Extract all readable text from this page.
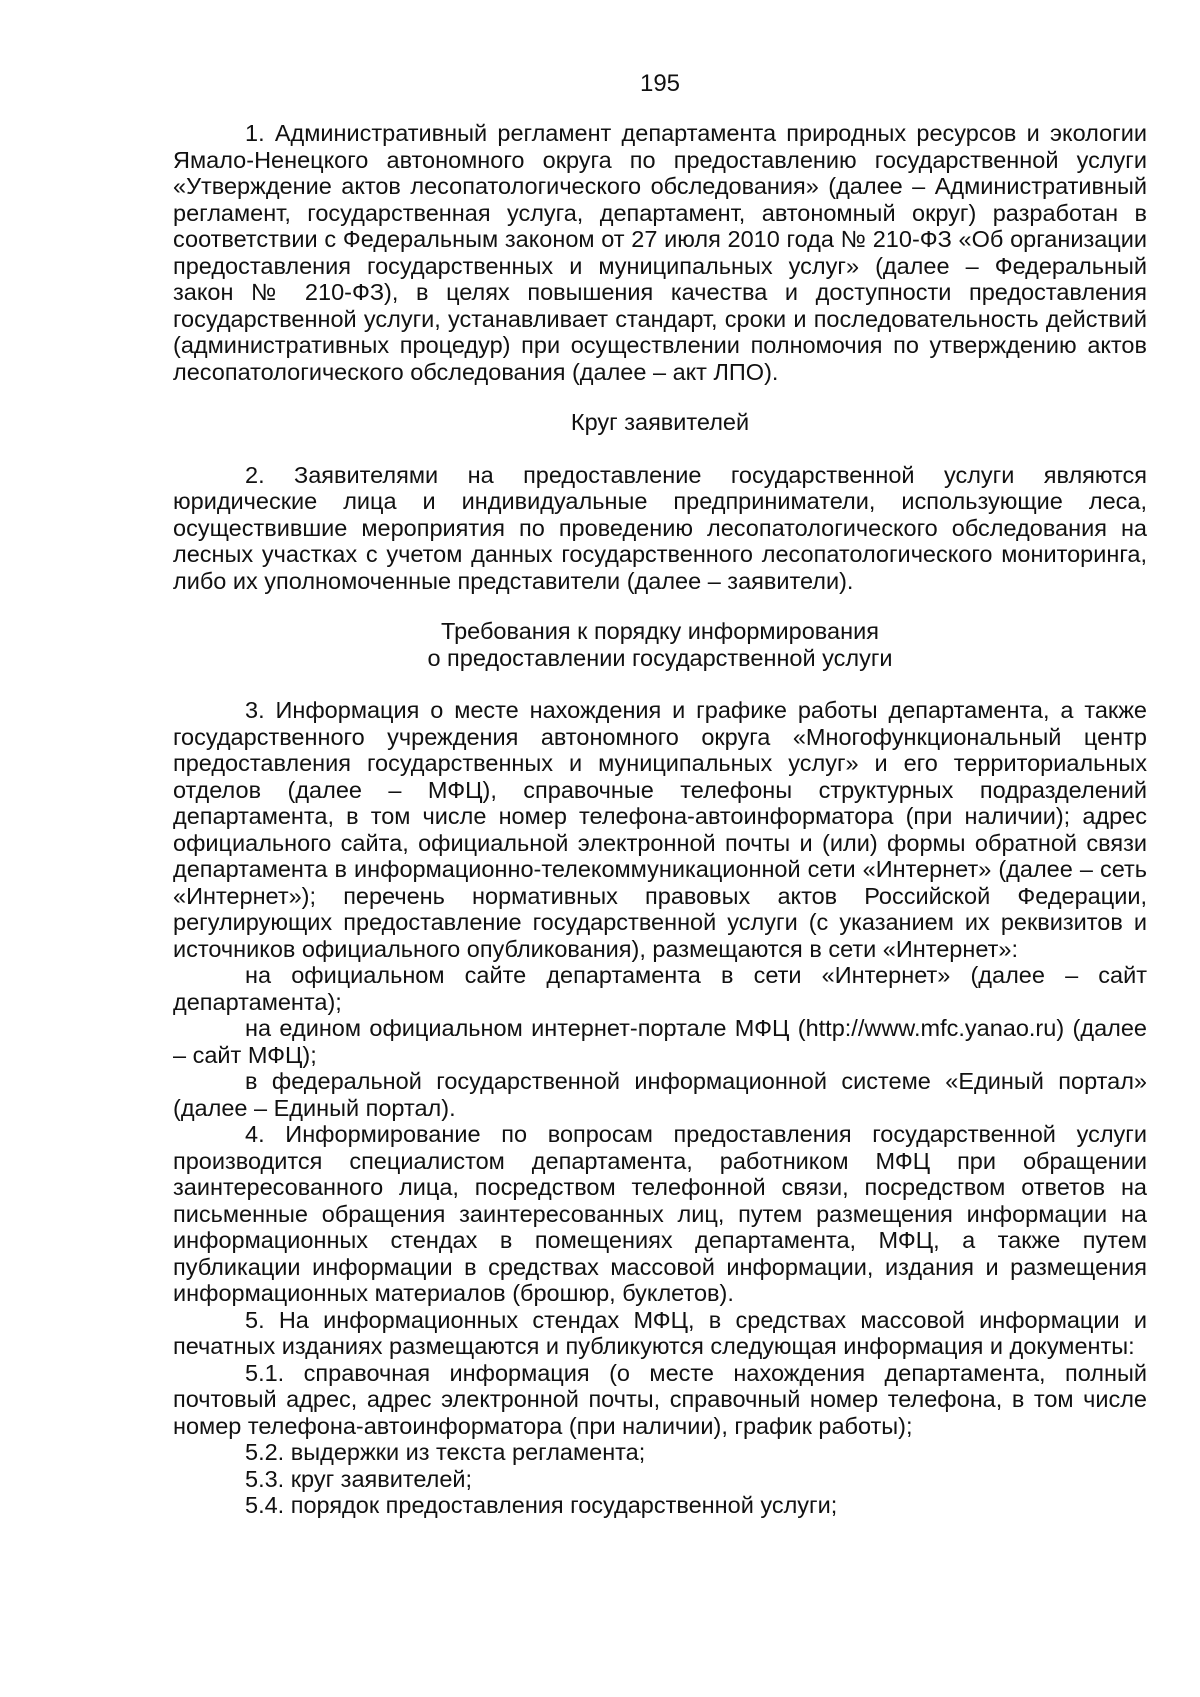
195

1. Административный регламент департамента природных ресурсов и экологии Ямало-Ненецкого автономного округа по предоставлению государственной услуги «Утверждение актов лесопатологического обследования» (далее – Административный регламент, государственная услуга, департамент, автономный округ) разработан в соответствии с Федеральным законом от 27 июля 2010 года № 210-ФЗ «Об организации предоставления государственных и муниципальных услуг» (далее – Федеральный закон № 210-ФЗ), в целях повышения качества и доступности предоставления государственной услуги, устанавливает стандарт, сроки и последовательность действий (административных процедур) при осуществлении полномочия по утверждению актов лесопатологического обследования (далее – акт ЛПО).

Круг заявителей

2. Заявителями на предоставление государственной услуги являются юридические лица и индивидуальные предприниматели, использующие леса, осуществившие мероприятия по проведению лесопатологического обследования на лесных участках с учетом данных государственного лесопатологического мониторинга, либо их уполномоченные представители (далее – заявители).

Требования к порядку информирования
о предоставлении государственной услуги

3. Информация о месте нахождения и графике работы департамента, а также государственного учреждения автономного округа «Многофункциональный центр предоставления государственных и муниципальных услуг» и его территориальных отделов (далее – МФЦ), справочные телефоны структурных подразделений департамента, в том числе номер телефона-автоинформатора (при наличии); адрес официального сайта, официальной электронной почты и (или) формы обратной связи департамента в информационно-телекоммуникационной сети «Интернет» (далее – сеть «Интернет»); перечень нормативных правовых актов Российской Федерации, регулирующих предоставление государственной услуги (с указанием их реквизитов и источников официального опубликования), размещаются в сети «Интернет»:

на официальном сайте департамента в сети «Интернет» (далее – сайт департамента);

на едином официальном интернет-портале МФЦ (http://www.mfc.yanao.ru) (далее – сайт МФЦ);

в федеральной государственной информационной системе «Единый портал» (далее – Единый портал).

4. Информирование по вопросам предоставления государственной услуги производится специалистом департамента, работником МФЦ при обращении заинтересованного лица, посредством телефонной связи, посредством ответов на письменные обращения заинтересованных лиц, путем размещения информации на информационных стендах в помещениях департамента, МФЦ, а также путем публикации информации в средствах массовой информации, издания и размещения информационных материалов (брошюр, буклетов).

5. На информационных стендах МФЦ, в средствах массовой информации и печатных изданиях размещаются и публикуются следующая информация и документы:

5.1. справочная информация (о месте нахождения департамента, полный почтовый адрес, адрес электронной почты, справочный номер телефона, в том числе номер телефона-автоинформатора (при наличии), график работы);

5.2. выдержки из текста регламента;

5.3. круг заявителей;

5.4. порядок предоставления государственной услуги;
